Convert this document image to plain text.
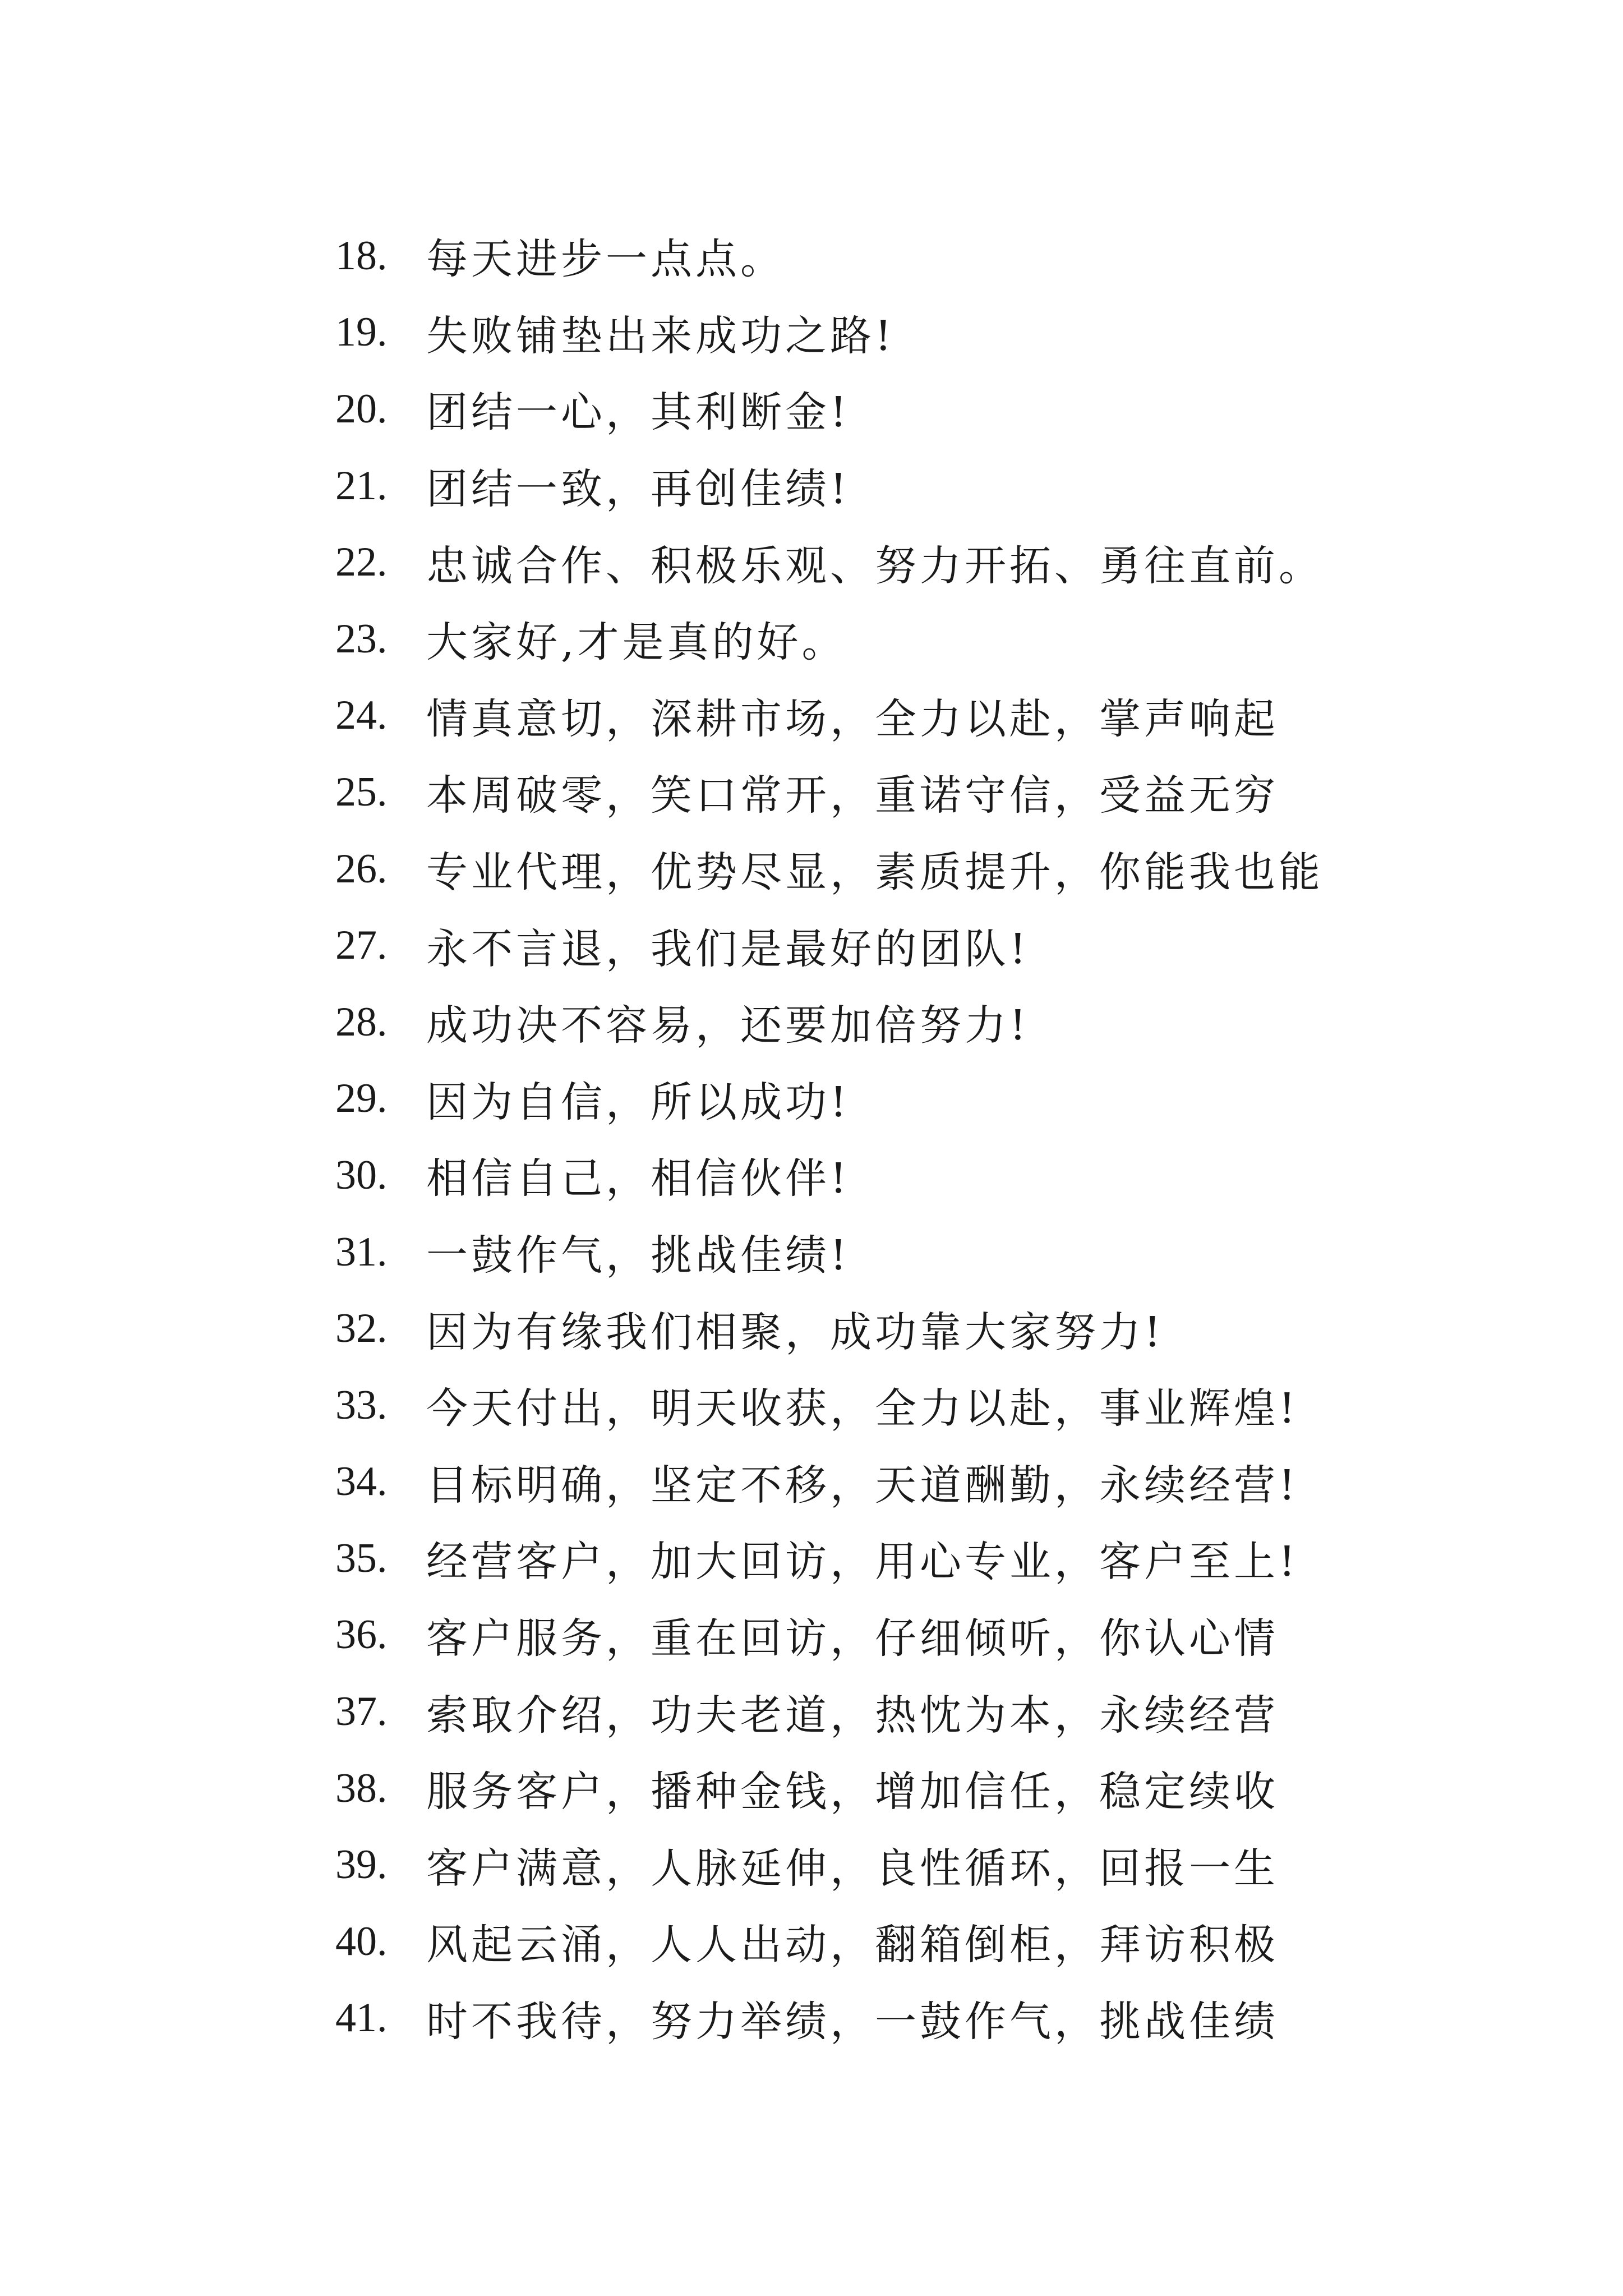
18. 每天进步一点点。
19. 失败铺垫出来成功之路!
20. 团结一心，其利断金!
21. 团结一致，再创佳绩!
22. 忠诚合作、积极乐观、努力开拓、勇往直前。
23. 大家好,才是真的好。
24. 情真意切，深耕市场，全力以赴，掌声响起
25. 本周破零，笑口常开，重诺守信，受益无穷
26. 专业代理，优势尽显，素质提升，你能我也能
27. 永不言退，我们是最好的团队!
28. 成功决不容易，还要加倍努力!
29. 因为自信，所以成功!
30. 相信自己，相信伙伴!
31. 一鼓作气，挑战佳绩!
32. 因为有缘我们相聚，成功靠大家努力!
33. 今天付出，明天收获，全力以赴，事业辉煌!
34. 目标明确，坚定不移，天道酬勤，永续经营!
35. 经营客户，加大回访，用心专业，客户至上!
36. 客户服务，重在回访，仔细倾听，你认心情
37. 索取介绍，功夫老道，热忱为本，永续经营
38. 服务客户，播种金钱，增加信任，稳定续收
39. 客户满意，人脉延伸，良性循环，回报一生
40. 风起云涌，人人出动，翻箱倒柜，拜访积极
41. 时不我待，努力举绩，一鼓作气，挑战佳绩
